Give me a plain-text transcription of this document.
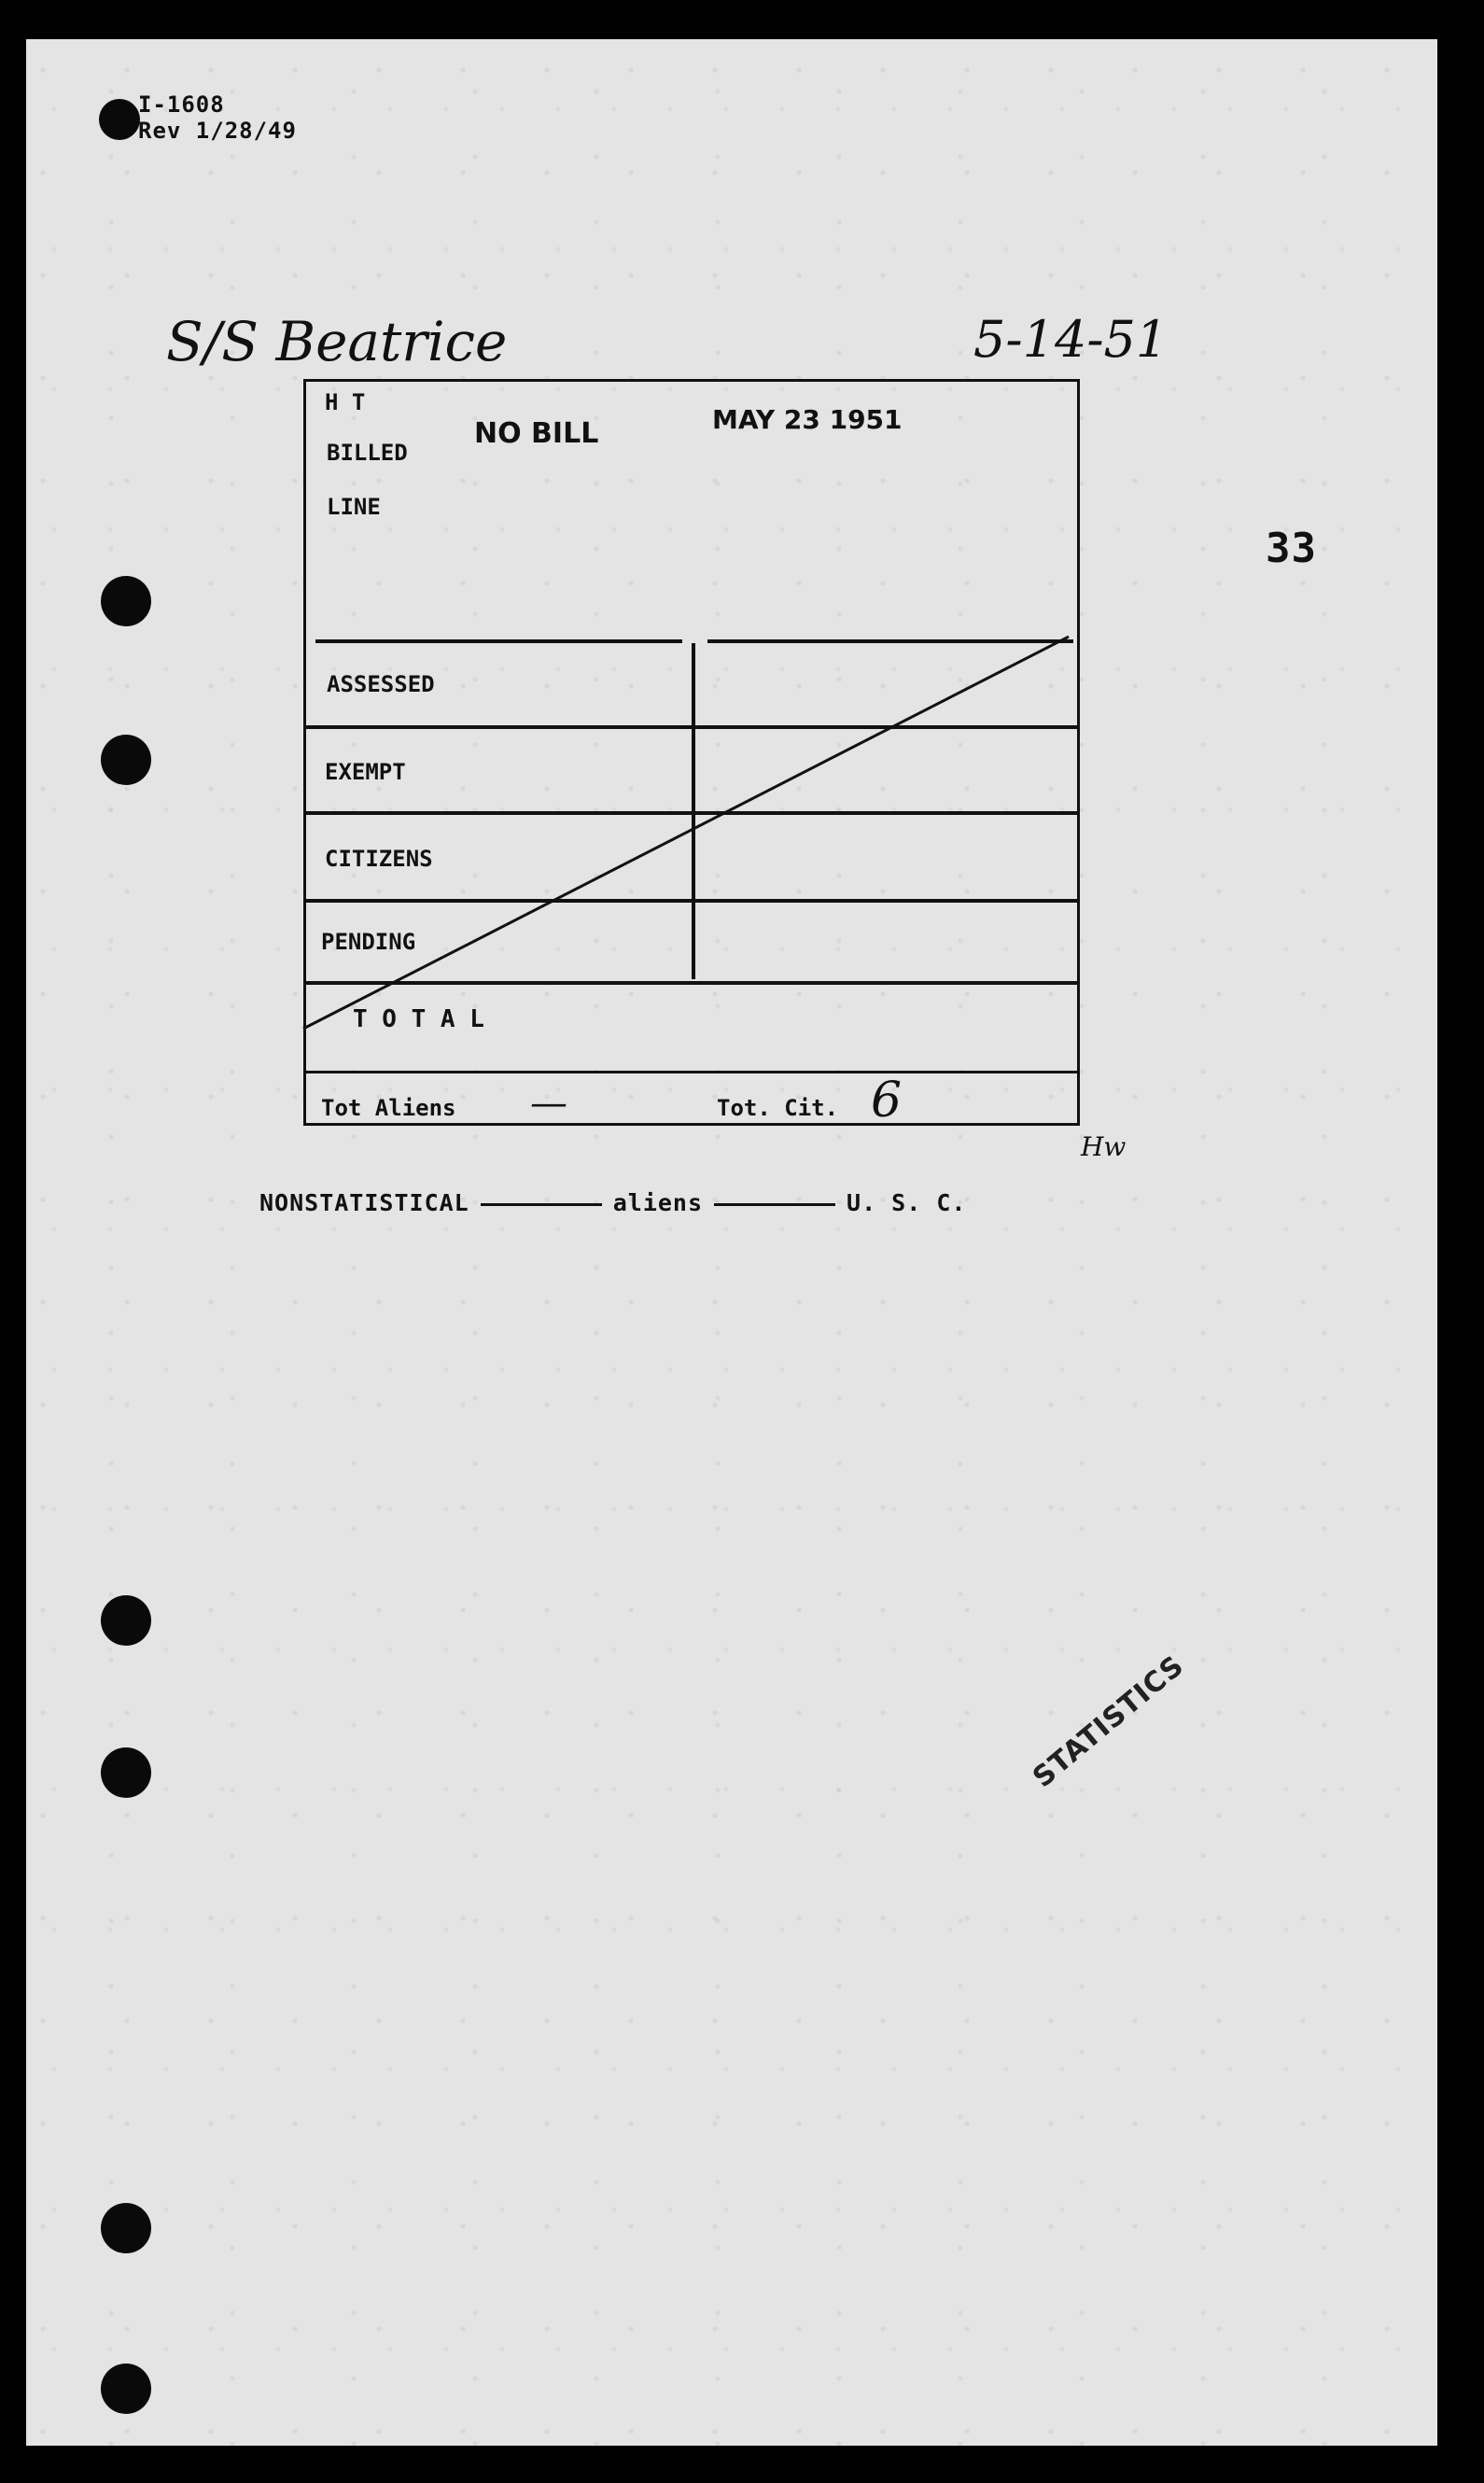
I-1608
Rev 1/28/49
S/S Beatrice	5-14-51
33
H T
BILLED
LINE
NO BILL	MAY 23 1951
ASSESSED
EXEMPT
CITIZENS
PENDING
T O T A L
Tot Aliens —	Tot. Cit. 6
Hw
NONSTATISTICAL	aliens	U. S. C.
STATISTICS
